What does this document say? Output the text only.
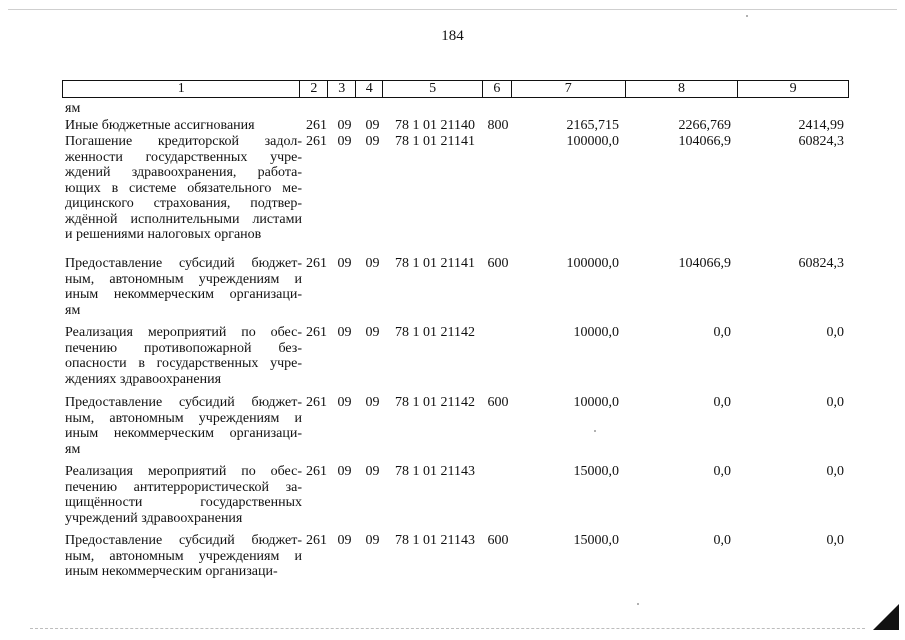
184
1	2	3	4	5	6	7	8	9
ям
Иные бюджетные ассигнования	261 09	09	78 1 01 21140 800	2165,715	2266,769	2414,99
Погашение кредиторской задол-
женности государственных учре-
ждений здравоохранения, работа-
ющих в системе обязательного ме-
дицинского страхования, подтвер-
ждённой исполнительными листами
и решениями налоговых органов
261 09	09	78 1 01 21141	100000,0	104066,9	60824,3
Предоставление субсидий бюджет-
ным, автономным учреждениям и
иным некоммерческим организаци-
ям
261 09	09	78 1 01 21141 600	100000,0	104066,9	60824,3
Реализация мероприятий по обес-
печению противопожарной без-
опасности в государственных учре-
ждениях здравоохранения
261 09	09	78 1 01 21142	10000,0	0,0	0,0
Предоставление субсидий бюджет-
ным, автономным учреждениям и
иным некоммерческим организаци-
ям
261 09	09	78 1 01 21142 600	10000,0	0,0	0,0
Реализация мероприятий по обес-
печению антитеррористической за-
щищённости государственных
учреждений здравоохранения
261 09	09	78 1 01 21143	15000,0	0,0	0,0
Предоставление субсидий бюджет-
ным, автономным учреждениям и
иным некоммерческим организаци-
261 09	09	78 1 01 21143 600	15000,0	0,0	0,0
